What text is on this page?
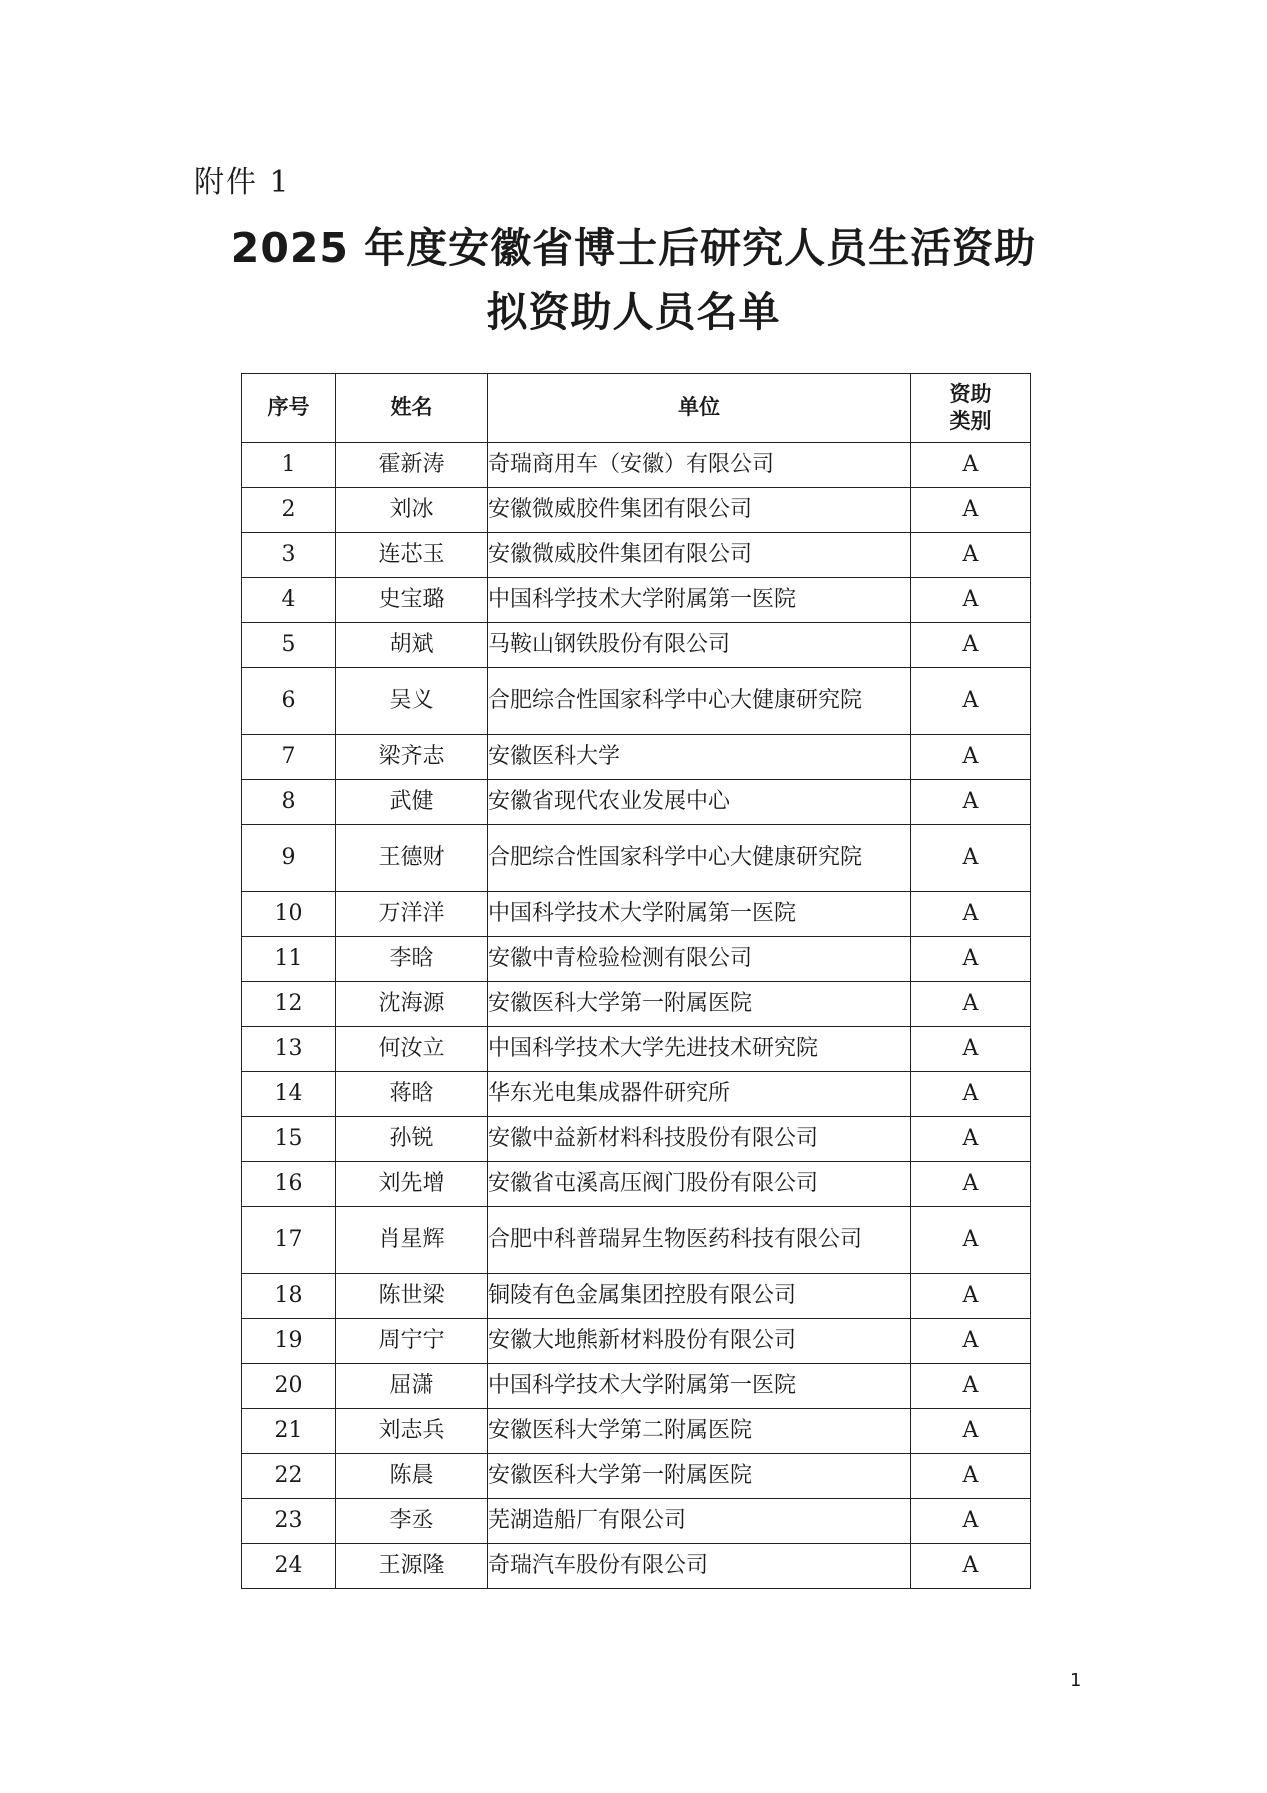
附件 1
2025 年度安徽省博士后研究人员生活资助
拟资助人员名单
序号	姓名	单位	资助
类别

1	霍新涛	奇瑞商用车（安徽）有限公司	A
2	刘冰	安徽微威胶件集团有限公司	A
3	连芯玉	安徽微威胶件集团有限公司	A
4	史宝璐	中国科学技术大学附属第一医院	A
5	胡斌	马鞍山钢铁股份有限公司	A
6	吴义	合肥综合性国家科学中心大健康研究院	A
7	梁齐志	安徽医科大学	A
8	武健	安徽省现代农业发展中心	A
9	王德财	合肥综合性国家科学中心大健康研究院	A
10	万洋洋	中国科学技术大学附属第一医院	A
11	李晗	安徽中青检验检测有限公司	A
12	沈海源	安徽医科大学第一附属医院	A
13	何汝立	中国科学技术大学先进技术研究院	A
14	蒋晗	华东光电集成器件研究所	A
15	孙锐	安徽中益新材料科技股份有限公司	A
16	刘先增	安徽省屯溪高压阀门股份有限公司	A
17	肖星辉	合肥中科普瑞昇生物医药科技有限公司	A
18	陈世梁	铜陵有色金属集团控股有限公司	A
19	周宁宁	安徽大地熊新材料股份有限公司	A
20	屈潇	中国科学技术大学附属第一医院	A
21	刘志兵	安徽医科大学第二附属医院	A
22	陈晨	安徽医科大学第一附属医院	A
23	李丞	芜湖造船厂有限公司	A
24	王源隆	奇瑞汽车股份有限公司	A
1
